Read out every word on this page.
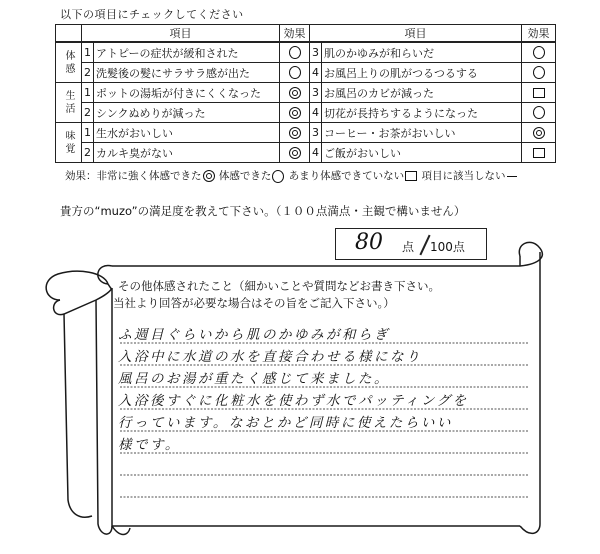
以下の項目にチェックしてください
	項目		効果	項目		効果
体感	1	アトピーの症状が緩和された		3	肌のかゆみが和らいだ	
	2	洗髪後の髪にサラサラ感が出た		4	お風呂上りの肌がつるつるする	
生活	1	ポットの湯垢が付きにくくなった		3	お風呂のカビが減った	
	2	シンクぬめりが減った		4	切花が長持ちするようになった	
味覚	1	生水がおいしい		3	コーヒー・お茶がおいしい	
	2	カルキ臭がない		4	ご飯がおいしい	
効果：非常に強く体感できた 体感できた あまり体感できていない 項目に該当しない
貴方の“muzo”の満足度を教えて下さい。（１００点満点・主観で構いません）
80 点 100点
その他体感されたこと（細かいことや質問などお書き下さい。
当社より回答が必要な場合はその旨をご記入下さい。）
ふ週目ぐらいから肌のかゆみが和らぎ
入浴中に水道の水を直接合わせる様になり
風呂のお湯が重たく感じて来ました。
入浴後すぐに化粧水を使わず水でパッティングを
行っています。なおとかど同時に使えたらいい
様です。
